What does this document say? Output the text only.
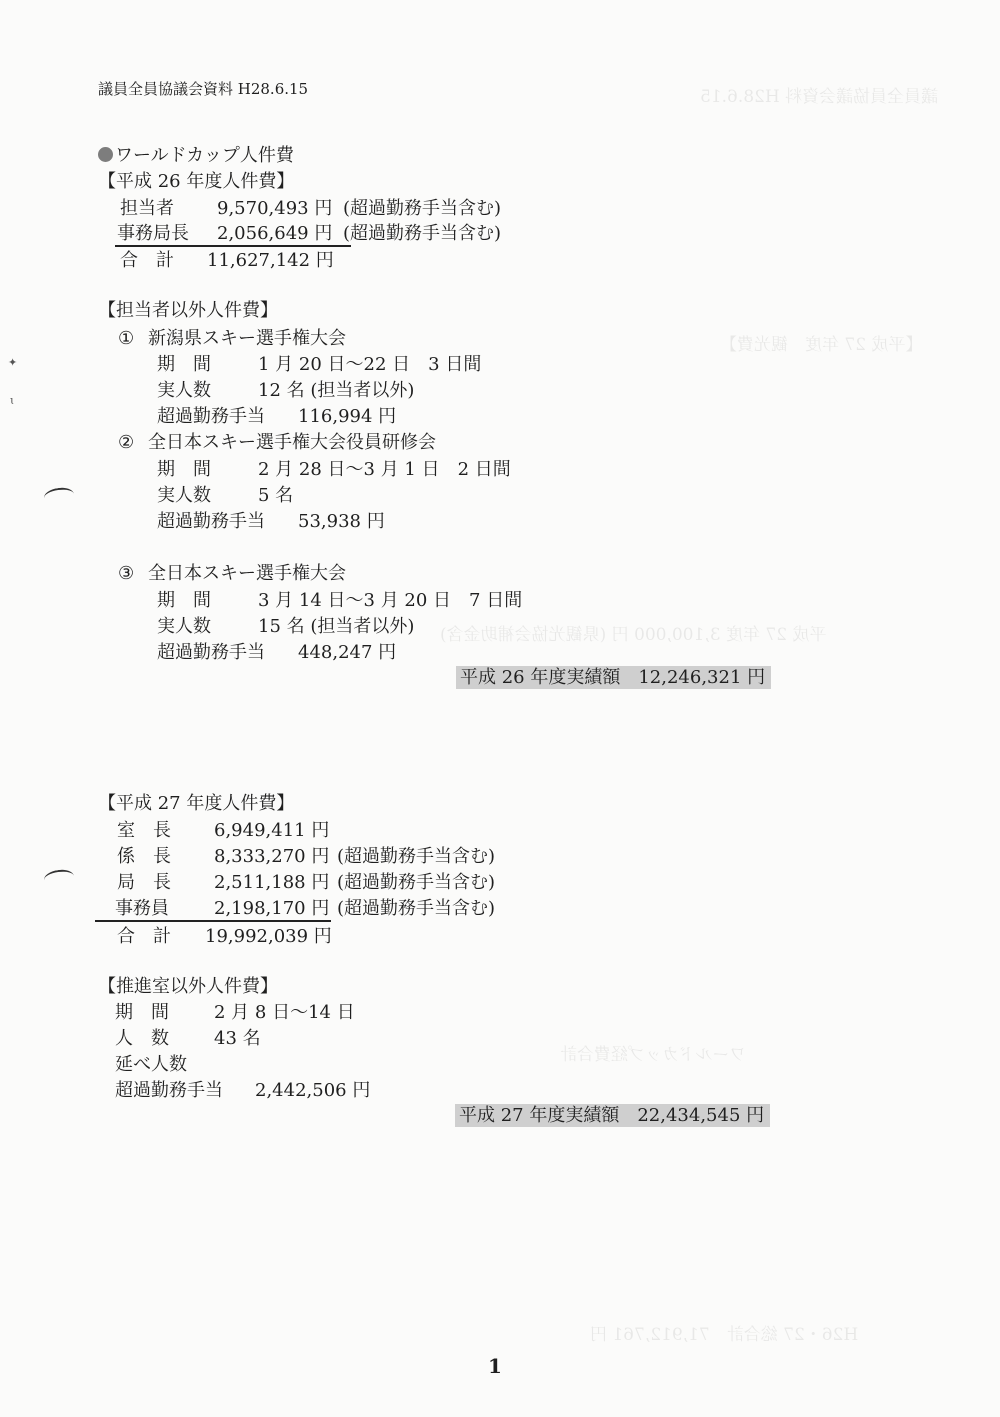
議員全員協議会資料 H28.6.15
【平成 27 年度　観光費】
平成 27 年度 3,100,000 円 (県観光協会補助金含)
ワールドカップ経費合計
H26・27 総合計　71,912,761 円
✦
ɩ
議員全員協議会資料 H28.6.15
ワールドカップ人件費
【平成 26 年度人件費】
担当者 9,570,493 円 (超過勤務手当含む)
事務局長 2,056,649 円 (超過勤務手当含む)
合　計 11,627,142 円
【担当者以外人件費】
① 新潟県スキー選手権大会
期　間	1 月 20 日～22 日　3 日間
実人数	12 名 (担当者以外)
超過勤務手当 116,994 円
② 全日本スキー選手権大会役員研修会
期　間	2 月 28 日～3 月 1 日　2 日間
実人数	5 名
超過勤務手当 53,938 円
③ 全日本スキー選手権大会
期　間	3 月 14 日～3 月 20 日　7 日間
実人数	15 名 (担当者以外)
超過勤務手当 448,247 円
平成 26 年度実績額　12,246,321 円
【平成 27 年度人件費】
室　長 6,949,411 円
係　長 8,333,270 円 (超過勤務手当含む)
局　長 2,511,188 円 (超過勤務手当含む)
事務員	2,198,170 円 (超過勤務手当含む)
合　計 19,992,039 円
【推進室以外人件費】
期　間	2 月 8 日～14 日
人　数	43 名
延べ人数
超過勤務手当 2,442,506 円
平成 27 年度実績額　22,434,545 円
1
